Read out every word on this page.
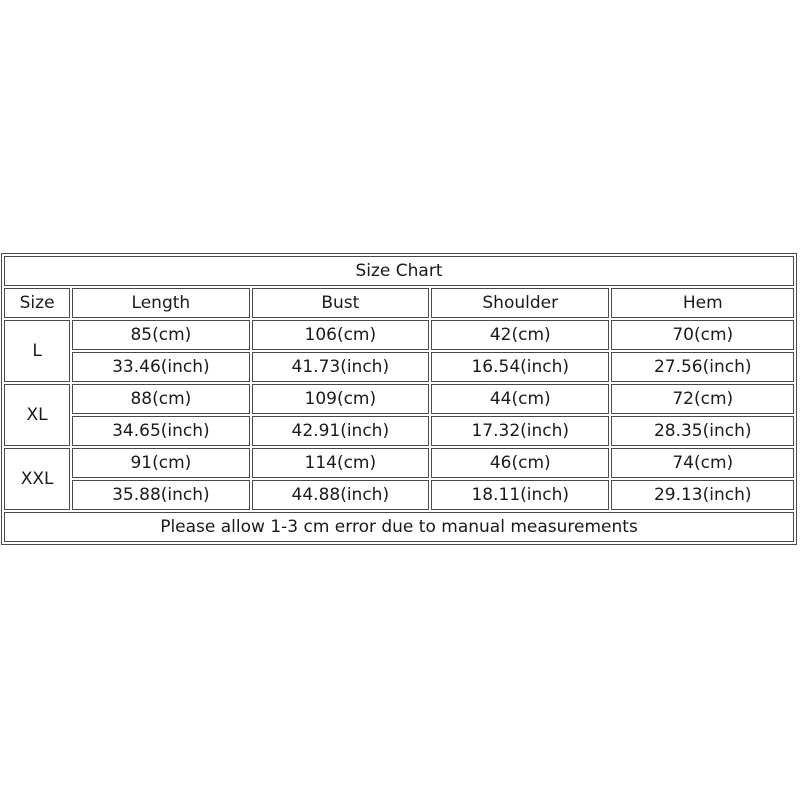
Size Chart				
Size	Length	Bust	Shoulder	Hem
L	85(cm)	106(cm)	42(cm)	70(cm)
	33.46(inch)	41.73(inch)	16.54(inch)	27.56(inch)
XL	88(cm)	109(cm)	44(cm)	72(cm)
	34.65(inch)	42.91(inch)	17.32(inch)	28.35(inch)
XXL	91(cm)	114(cm)	46(cm)	74(cm)
	35.88(inch)	44.88(inch)	18.11(inch)	29.13(inch)
Please allow 1-3 cm error due to manual measurements				
